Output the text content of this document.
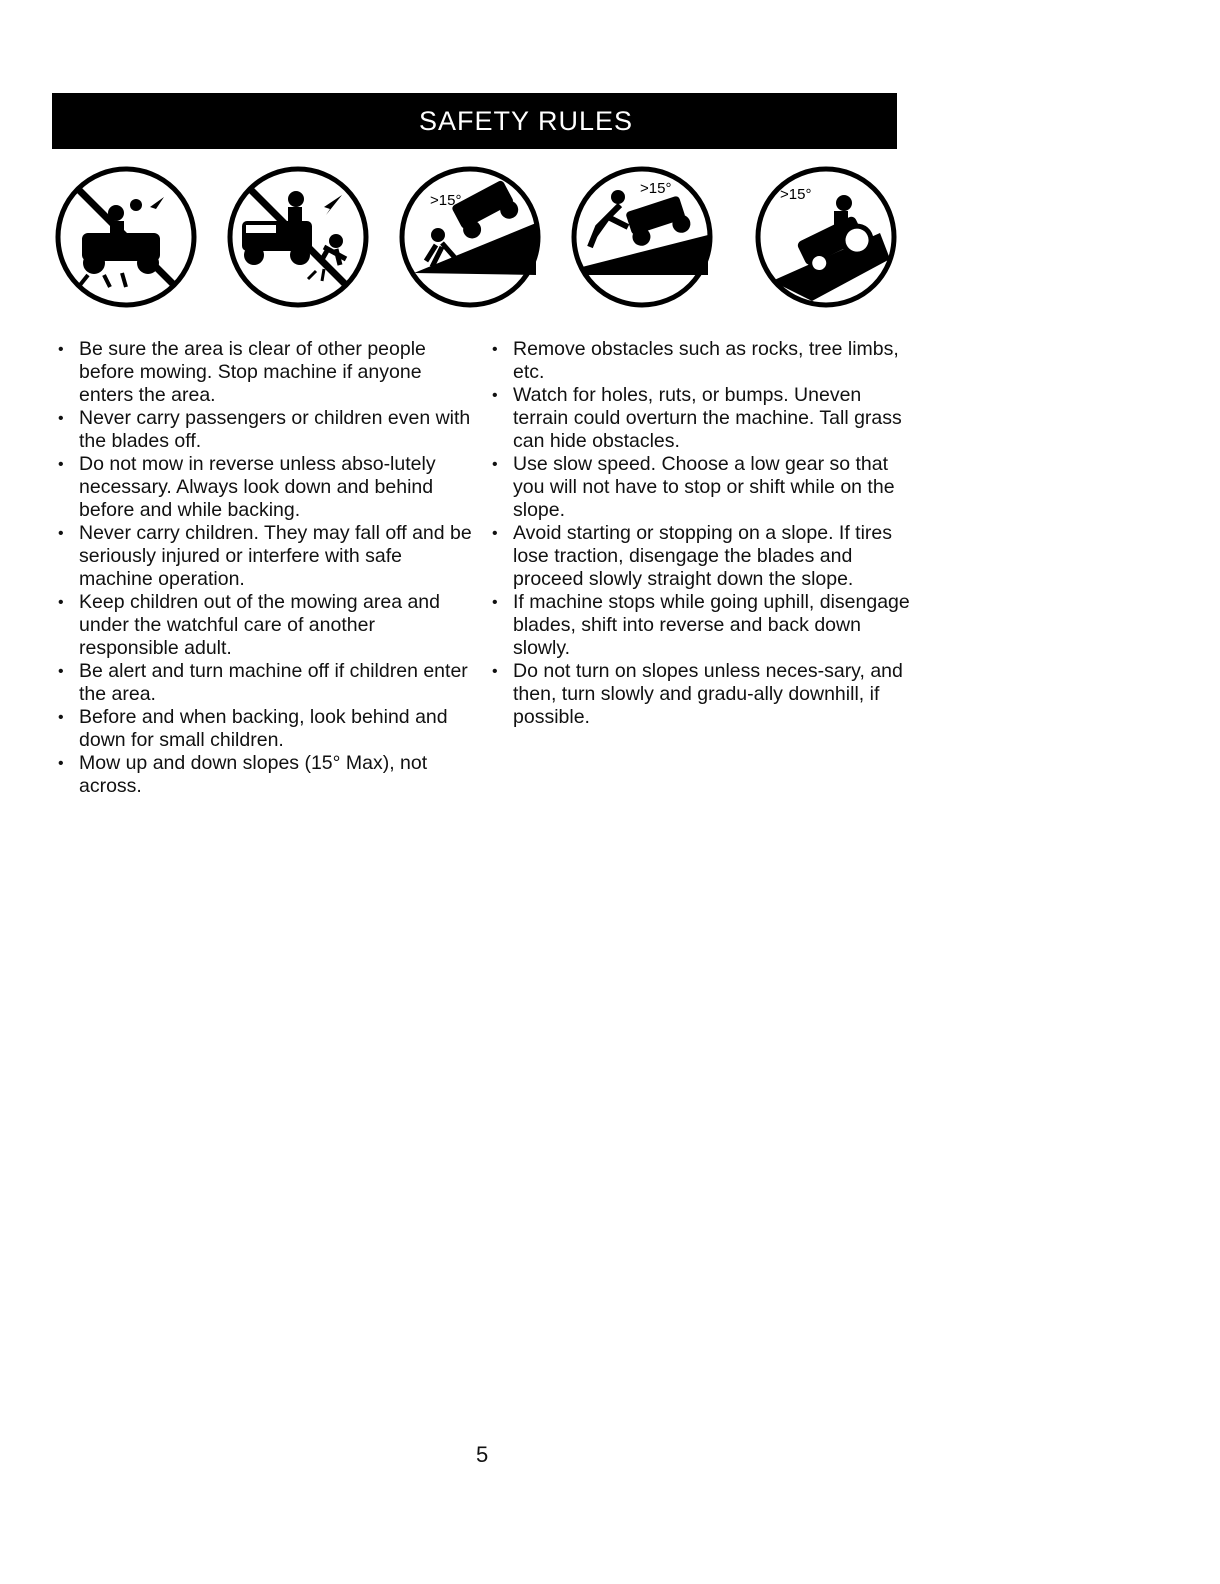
SAFETY RULES
>15°
>15°	>15°
• Be sure the area is clear of other people before mowing. Stop machine if anyone enters the area.
• Never carry passengers or children even with the blades off.
• Do not mow in reverse unless abso-lutely necessary. Always look down and behind before and while backing.
• Never carry children. They may fall off and be seriously injured or interfere with safe machine operation.
• Keep children out of the mowing area and under the watchful care of another responsible adult.
• Be alert and turn machine off if children enter the area.
• Before and when backing, look behind and down for small children.
• Mow up and down slopes (15° Max), not across.
• Remove obstacles such as rocks, tree limbs, etc.
• Watch for holes, ruts, or bumps. Uneven terrain could overturn the machine. Tall grass can hide obstacles.
• Use slow speed. Choose a low gear so that you will not have to stop or shift while on the slope.
• Avoid starting or stopping on a slope. If tires lose traction, disengage the blades and proceed slowly straight down the slope.
• If machine stops while going uphill, disengage blades, shift into reverse and back down slowly.
• Do not turn on slopes unless neces-sary, and then, turn slowly and gradu-ally downhill, if possible.
5
